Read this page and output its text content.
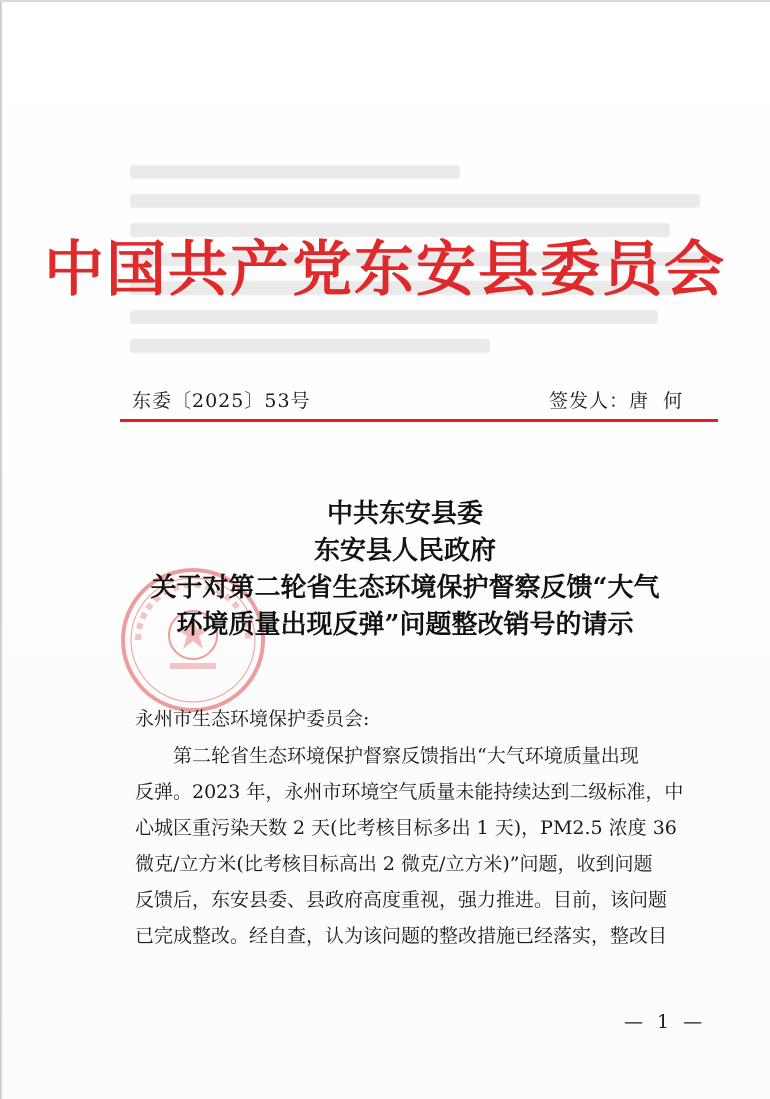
中国共产党东安县委员会
东委〔2025〕53号	签发人：唐  何
中共东安县委
东安县人民政府
关于对第二轮省生态环境保护督察反馈“大气
环境质量出现反弹”问题整改销号的请示
永州市生态环境保护委员会:
第二轮省生态环境保护督察反馈指出“大气环境质量出现
反弹。2023 年，永州市环境空气质量未能持续达到二级标准，中
心城区重污染天数 2 天(比考核目标多出 1 天)，PM2.5 浓度 36
微克/立方米(比考核目标高出 2 微克/立方米)”问题，收到问题
反馈后，东安县委、县政府高度重视，强力推进。目前，该问题
已完成整改。经自查，认为该问题的整改措施已经落实，整改目
— 1 —
